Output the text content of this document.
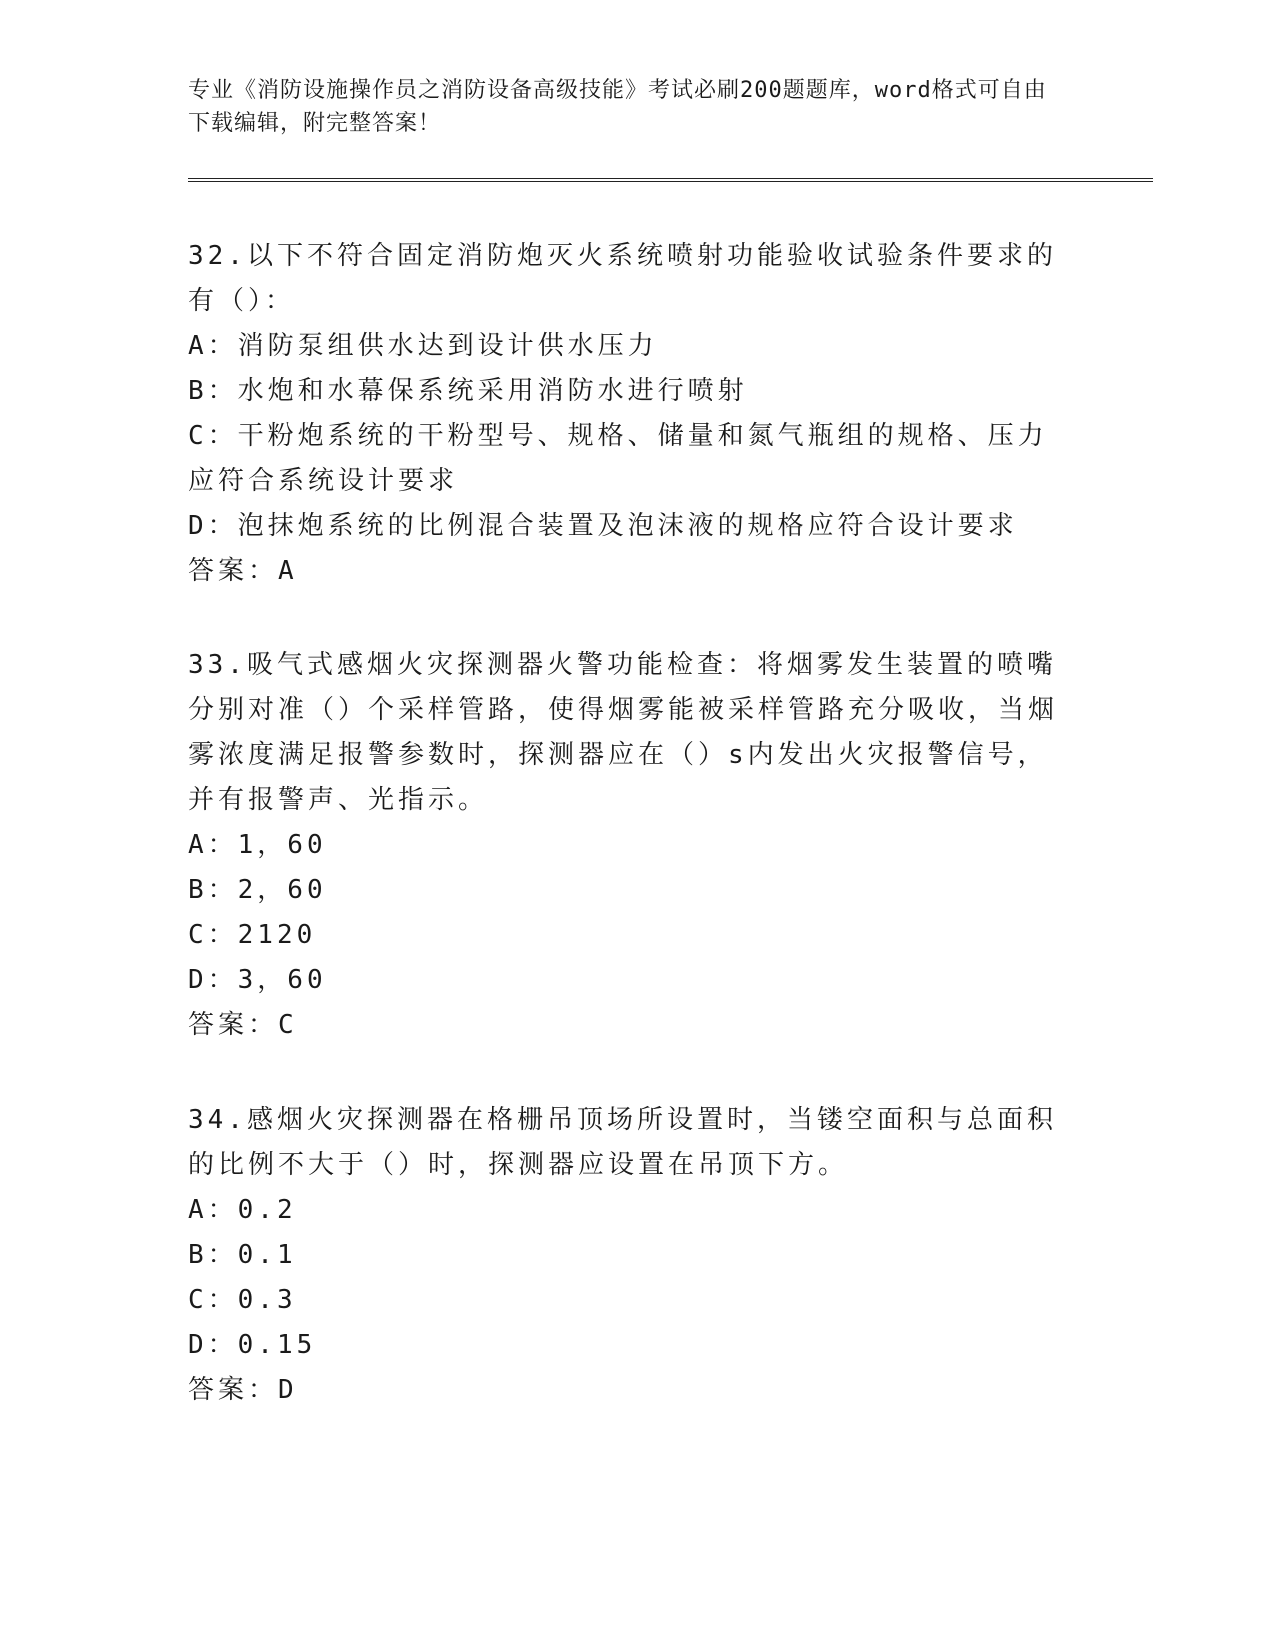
专业《消防设施操作员之消防设备高级技能》考试必刷200题题库，word格式可自由下载编辑，附完整答案！

32.以下不符合固定消防炮灭火系统喷射功能验收试验条件要求的有（）：

A：消防泵组供水达到设计供水压力

B：水炮和水幕保系统采用消防水进行喷射

C：干粉炮系统的干粉型号、规格、储量和氮气瓶组的规格、压力应符合系统设计要求

D：泡抹炮系统的比例混合装置及泡沫液的规格应符合设计要求

答案：A

33.吸气式感烟火灾探测器火警功能检查：将烟雾发生装置的喷嘴分别对准（）个采样管路，使得烟雾能被采样管路充分吸收，当烟雾浓度满足报警参数时，探测器应在（）s内发出火灾报警信号，并有报警声、光指示。

A：1，60

B：2，60

C：2120

D：3，60

答案：C

34.感烟火灾探测器在格栅吊顶场所设置时，当镂空面积与总面积的比例不大于（）时，探测器应设置在吊顶下方。

A：0.2

B：0.1

C：0.3

D：0.15

答案：D
